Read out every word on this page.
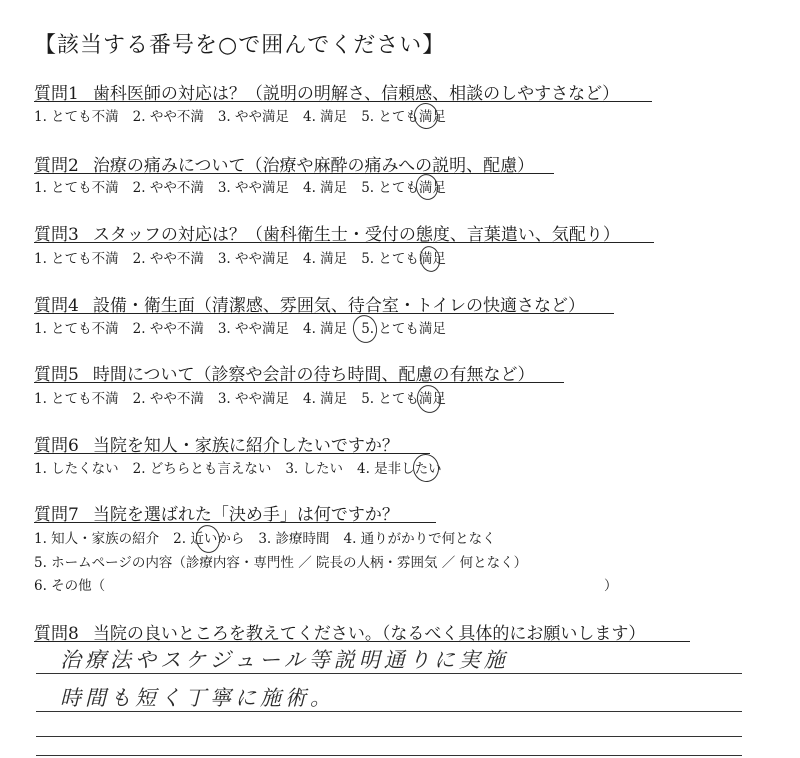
【該当する番号を○で囲んでください】
質問1 歯科医師の対応は？（説明の明解さ、信頼感、相談のしやすさなど）
1. とても不満 2. やや不満 3. やや満足 4. 満足 5. とても満足
質問2 治療の痛みについて（治療や麻酔の痛みへの説明、配慮）
1. とても不満 2. やや不満 3. やや満足 4. 満足 5. とても満足
質問3 スタッフの対応は？（歯科衛生士・受付の態度、言葉遣い、気配り）
1. とても不満 2. やや不満 3. やや満足 4. 満足 5. とても満足
質問4 設備・衛生面（清潔感、雰囲気、待合室・トイレの快適さなど）
1. とても不満 2. やや不満 3. やや満足 4. 満足 5. とても満足
質問5 時間について（診察や会計の待ち時間、配慮の有無など）
1. とても不満 2. やや不満 3. やや満足 4. 満足 5. とても満足
質問6 当院を知人・家族に紹介したいですか？
1. したくない 2. どちらとも言えない 3. したい 4. 是非したい
質問7 当院を選ばれた「決め手」は何ですか？
1. 知人・家族の紹介 2. 近いから 3. 診療時間 4. 通りがかりで何となく
5. ホームページの内容（診療内容・専門性 ／ 院長の人柄・雰囲気 ／ 何となく）
6. その他（	）
質問8 当院の良いところを教えてください。（なるべく具体的にお願いします）
治療法やスケジュール等説明通りに実施
時間も短く丁寧に施術。
